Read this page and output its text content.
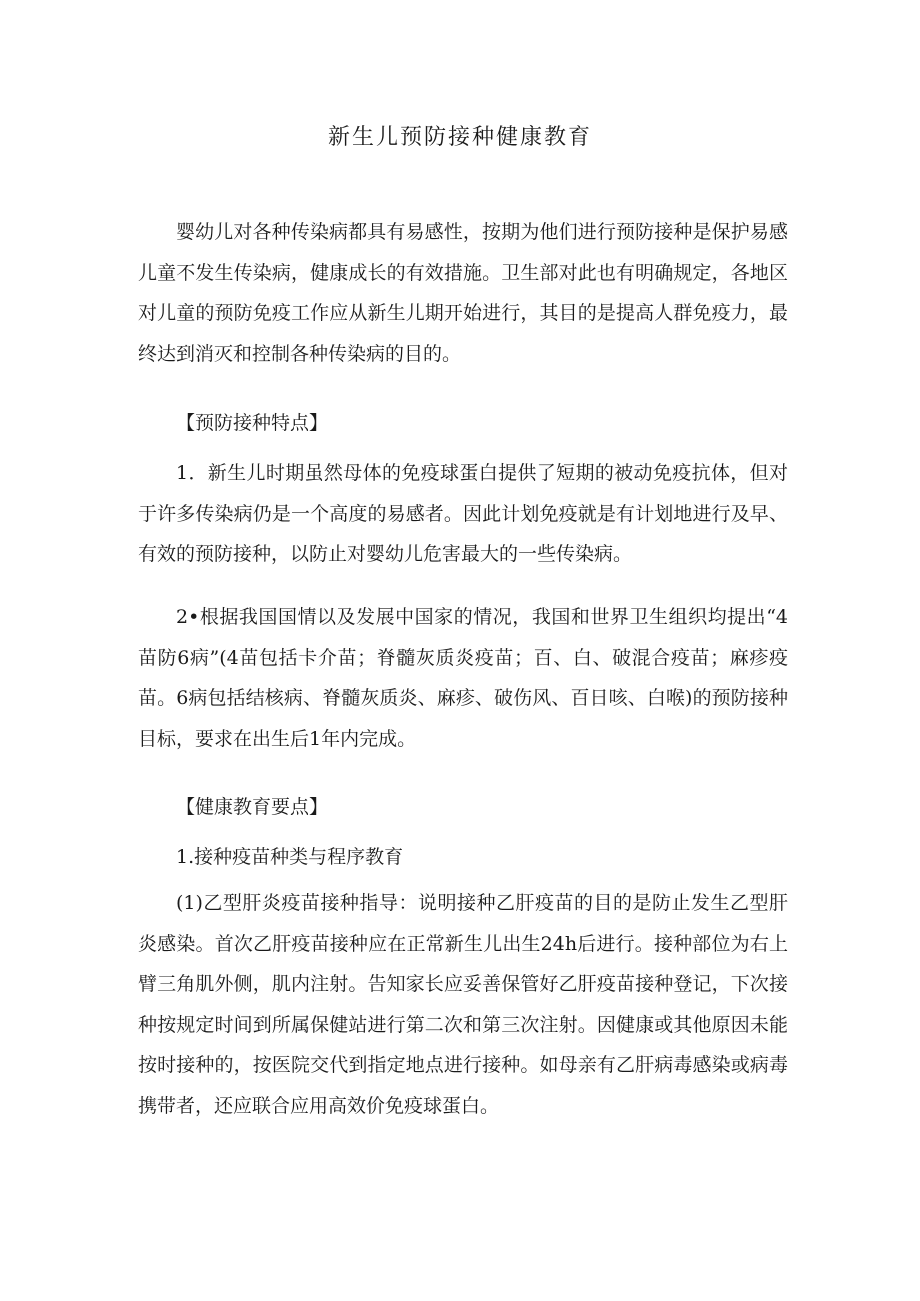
新生儿预防接种健康教育

婴幼儿对各种传染病都具有易感性，按期为他们进行预防接种是保护易感儿童不发生传染病，健康成长的有效措施。卫生部对此也有明确规定，各地区对儿童的预防免疫工作应从新生儿期开始进行，其目的是提高人群免疫力，最终达到消灭和控制各种传染病的目的。

【预防接种特点】

1．新生儿时期虽然母体的免疫球蛋白提供了短期的被动免疫抗体，但对于许多传染病仍是一个高度的易感者。因此计划免疫就是有计划地进行及早、有效的预防接种，以防止对婴幼儿危害最大的一些传染病。

2•根据我国国情以及发展中国家的情况，我国和世界卫生组织均提出“4苗防6病”(4苗包括卡介苗；脊髓灰质炎疫苗；百、白、破混合疫苗；麻疹疫苗。6病包括结核病、脊髓灰质炎、麻疹、破伤风、百日咳、白喉)的预防接种目标，要求在出生后1年内完成。

【健康教育要点】
1.接种疫苗种类与程序教育

(1)乙型肝炎疫苗接种指导：说明接种乙肝疫苗的目的是防止发生乙型肝炎感染。首次乙肝疫苗接种应在正常新生儿出生24h后进行。接种部位为右上臂三角肌外侧，肌内注射。告知家长应妥善保管好乙肝疫苗接种登记，下次接种按规定时间到所属保健站进行第二次和第三次注射。因健康或其他原因未能按时接种的，按医院交代到指定地点进行接种。如母亲有乙肝病毒感染或病毒携带者，还应联合应用高效价免疫球蛋白。
